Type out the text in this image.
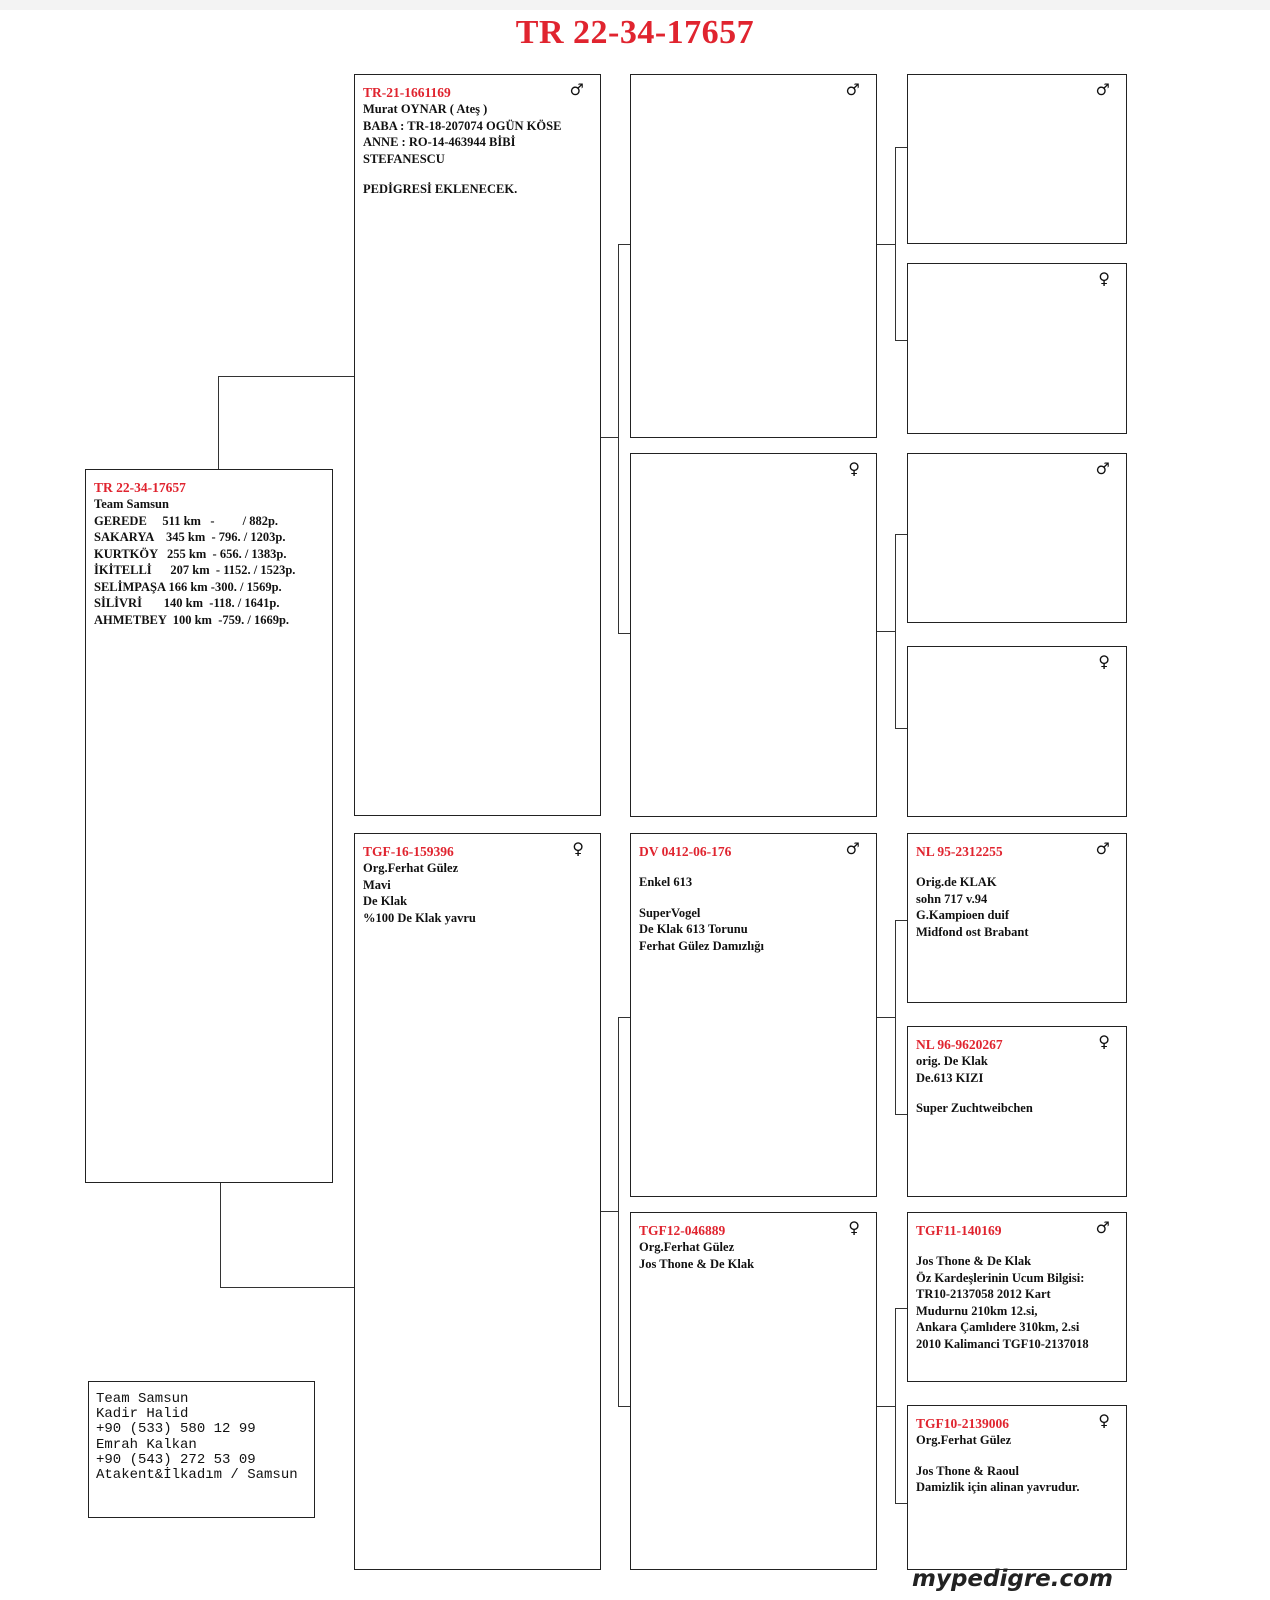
TR 22-34-17657
TR 22-34-17657
Team Samsun
GEREDE     511 km   -         / 882p.
SAKARYA    345 km  - 796. / 1203p.
KURTKÖY   255 km  - 656. / 1383p.
İKİTELLİ      207 km  - 1152. / 1523p.
SELİMPAŞA 166 km -300. / 1569p.
SİLİVRİ       140 km  -118. / 1641p.
AHMETBEY  100 km  -759. / 1669p.
♂
TR-21-1661169
Murat OYNAR ( Ateş )
BABA : TR-18-207074 OGÜN KÖSE
ANNE : RO-14-463944 BİBİ
STEFANESCU
PEDİGRESİ EKLENECEK.
♀
TGF-16-159396
Org.Ferhat Gülez
Mavi
De Klak
%100 De Klak yavru
♂
♀
♂
DV 0412-06-176
Enkel 613
SuperVogel
De Klak 613 Torunu
Ferhat Gülez Damızlığı
♀
TGF12-046889
Org.Ferhat Gülez
Jos Thone & De Klak
♂
♀
♂
♀
♂
NL 95-2312255
Orig.de KLAK
sohn 717 v.94
G.Kampioen duif
Midfond ost Brabant
♀
NL 96-9620267
orig. De Klak
De.613 KIZI
Super Zuchtweibchen
♂
TGF11-140169
Jos Thone & De Klak
Öz Kardeşlerinin Ucum Bilgisi:
TR10-2137058 2012 Kart
Mudurnu 210km 12.si,
Ankara Çamlıdere 310km, 2.si
2010 Kalimanci TGF10-2137018
♀
TGF10-2139006
Org.Ferhat Gülez
Jos Thone & Raoul
Damizlik için alinan yavrudur.
Team Samsun
Kadir Halid
+90 (533) 580 12 99
Emrah Kalkan
+90 (543) 272 53 09
Atakent&İlkadım / Samsun
mypedigre.com
